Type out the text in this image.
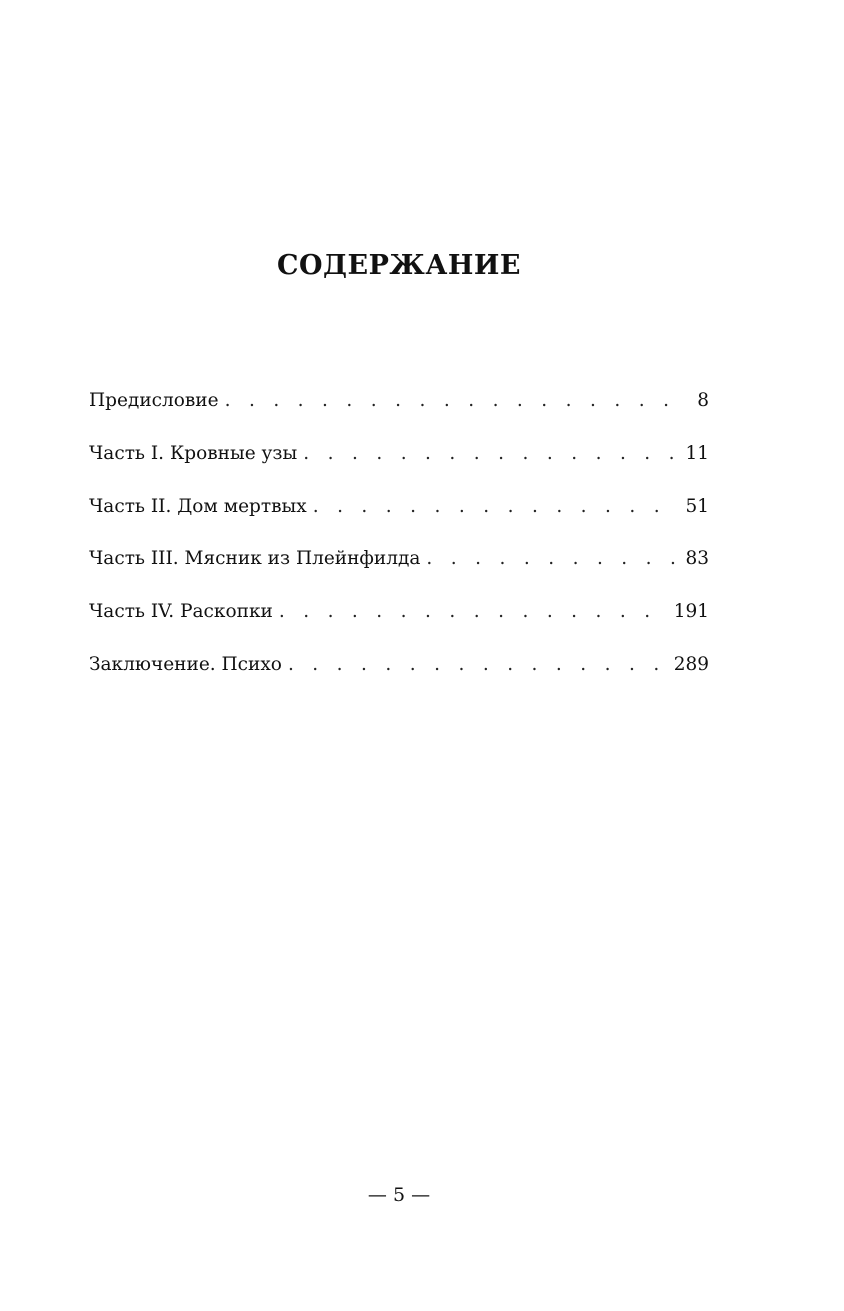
СОДЕРЖАНИЕ
Предисловие . . .	8
Часть I. Кровные узы . . .	11
Часть II. Дом мертвых . . .	51
Часть III. Мясник из Плейнфилда . . .	83
Часть IV. Раскопки . . .	191
Заключение. Психо . . .	289

— 5 —
